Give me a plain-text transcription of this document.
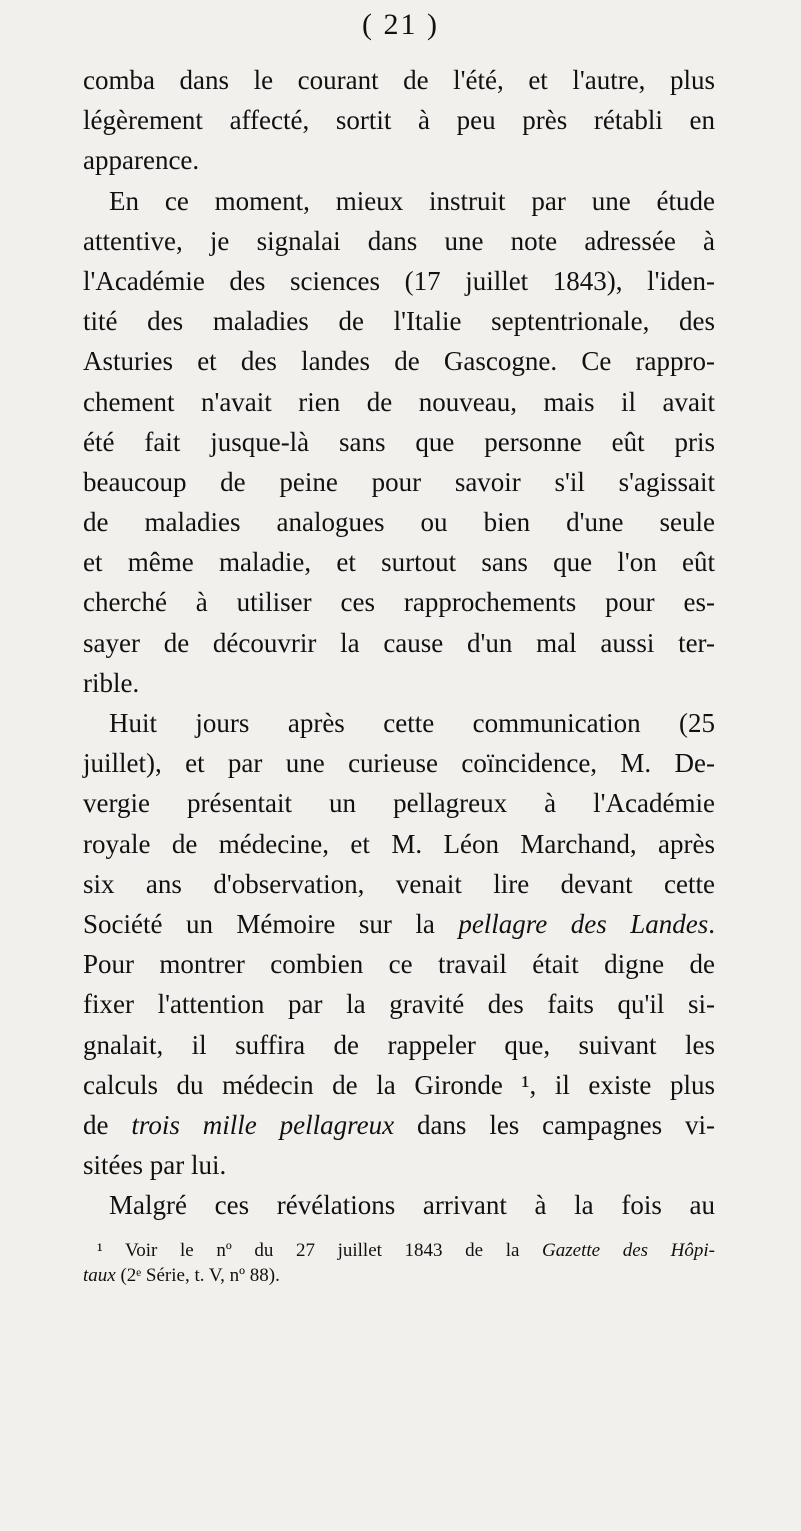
( 21 )
comba dans le courant de l'été, et l'autre, plus
légèrement affecté, sortit à peu près rétabli en
apparence.
En ce moment, mieux instruit par une étude
attentive, je signalai dans une note adressée à
l'Académie des sciences (17 juillet 1843), l'iden-
tité des maladies de l'Italie septentrionale, des
Asturies et des landes de Gascogne. Ce rappro-
chement n'avait rien de nouveau, mais il avait
été fait jusque-là sans que personne eût pris
beaucoup de peine pour savoir s'il s'agissait
de maladies analogues ou bien d'une seule
et même maladie, et surtout sans que l'on eût
cherché à utiliser ces rapprochements pour es-
sayer de découvrir la cause d'un mal aussi ter-
rible.
Huit jours après cette communication (25
juillet), et par une curieuse coïncidence, M. De-
vergie présentait un pellagreux à l'Académie
royale de médecine, et M. Léon Marchand, après
six ans d'observation, venait lire devant cette
Société un Mémoire sur la pellagre des Landes.
Pour montrer combien ce travail était digne de
fixer l'attention par la gravité des faits qu'il si-
gnalait, il suffira de rappeler que, suivant les
calculs du médecin de la Gironde ¹, il existe plus
de trois mille pellagreux dans les campagnes vi-
sitées par lui.
Malgré ces révélations arrivant à la fois au
¹ Voir le nº du 27 juillet 1843 de la Gazette des Hôpi-
taux (2ᵉ Série, t. V, nº 88).
